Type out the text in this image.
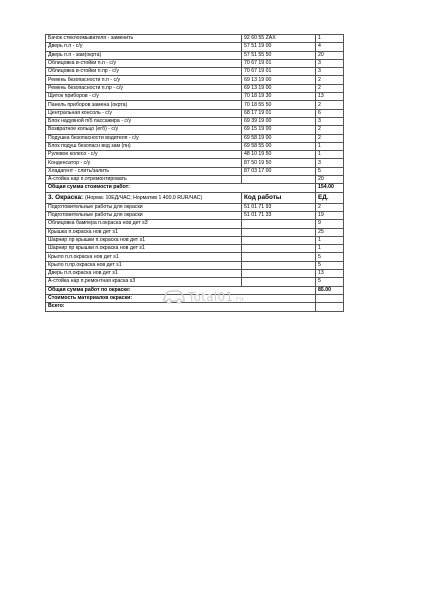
Бачок стеклоомывателя - заменить	92 60 55 ZAX	1
Дверь п.п - с/у	57 51 19 00	4
Дверь п.п - зам(окрта)	57 51 55 50	20
Облицовка в-стойки п.п - с/у	70 67 19 01	3
Облицовка в-стойки п.пр - с/у	70 67 19 01	3
Ремень безопасности п.п - с/у	69 13 19 00	2
Ремень безопасности п.пр - с/у	69 13 19 00	2
Щиток приборов - с/у	70 18 19 30	13
Панель приборов замена (окрта)	70 18 55 50	2
Центральная консоль - с/у	68 17 19 01	6
Блок надувной п/б пассажира - с/у	69 39 19 00	3
Возвратное кольцо (егб) - с/у	69 15 19 00	2
Подушка безопасности водителя - с/у	69 58 19 00	2
Блок подуш безопасн вод зам (пн)	69 58 55 00	1
Рулевое колесо - с/у	48 10 19 50	1
Конденсатор - с/у	87 50 19 50	3
Хладагент - слить/залить	87 03 17 00	5
А-стойка нар п.отремонтировать		20
Общая сумма стоимости работ:		154.00
3. Окраска: (Норма: 10ЕД/ЧАС; Норматив 1 400.0 RUR/ЧАС)	Код работы	ЕД.
Подготовительные работы для окраски	51 01 71 93	2
Подготовительные работы для окраски	51 01 71 33	19
Облицовка бампера п.окраска нов дет s3		9
Крышка п.окраска нов дет s1		25
Шарнир лр крышки п.окраска нов дет s1		1
Шарнир пр крышки п.окраска нов дет s1		1
Крыло п.п.окраска нов дет s1		5
Крыло п.пр.окраска нов дет s1		5
Дверь п.п.окраска нов дет s1		13
А-стойка нар п.ремонтная краска s3		5
Общая сумма работ по окраске:		85.00
Стоимость материалов окраски:		
Всего:		
Total01.ru
